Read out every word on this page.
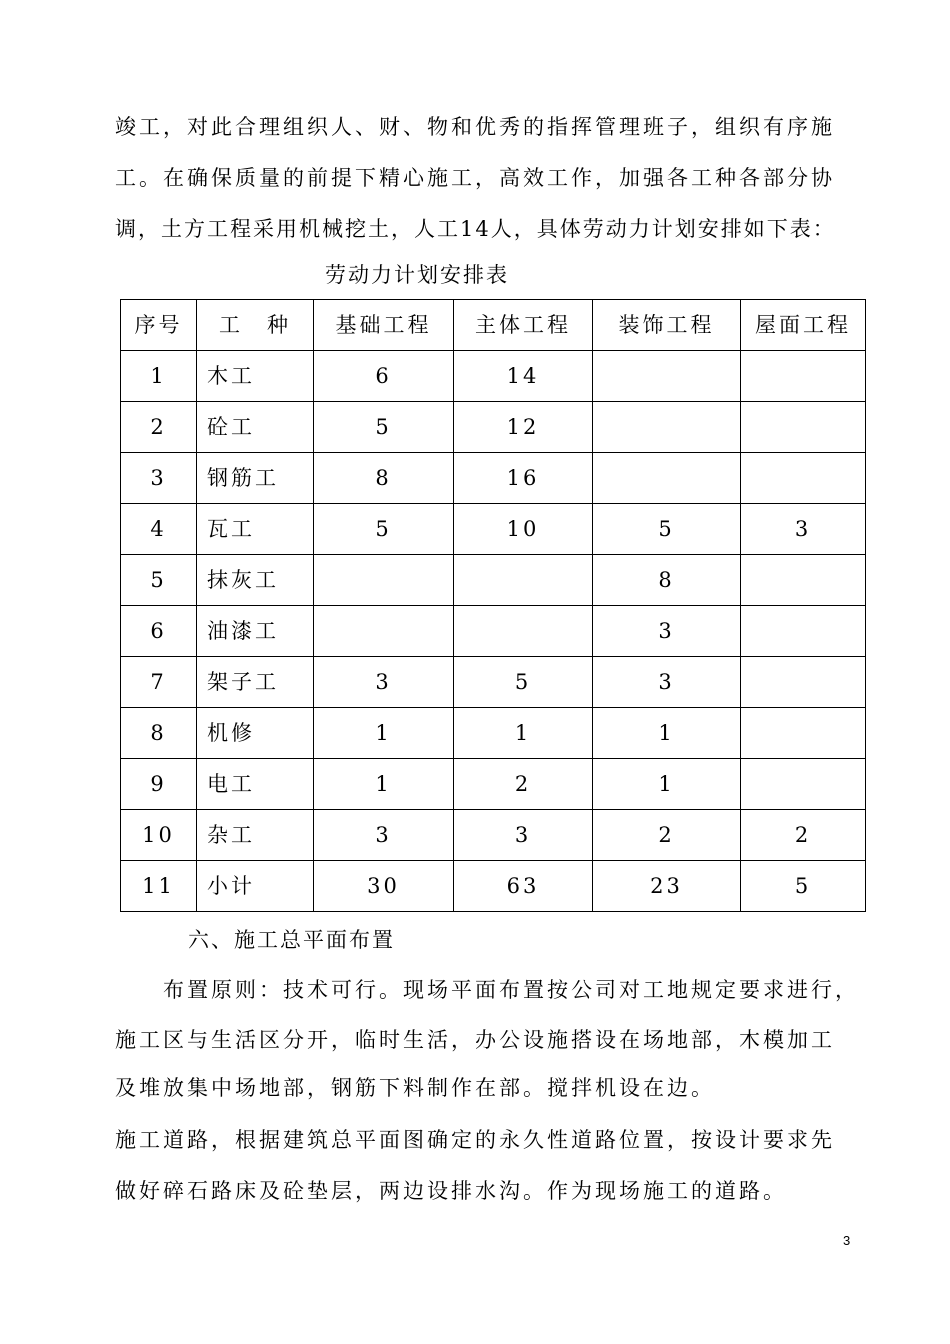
竣工，对此合理组织人、财、物和优秀的指挥管理班子，组织有序施
工。在确保质量的前提下精心施工，高效工作，加强各工种各部分协
调，土方工程采用机械挖土，人工14人，具体劳动力计划安排如下表：
劳动力计划安排表
序号	工　种	基础工程	主体工程	装饰工程	屋面工程
1	木工	6	14		
2	砼工	5	12		
3	钢筋工	8	16		
4	瓦工	5	10	5	3
5	抹灰工			8	
6	油漆工			3	
7	架子工	3	5	3	
8	机修	1	1	1	
9	电工	1	2	1	
10	杂工	3	3	2	2
11	小计	30	63	23	5
六、施工总平面布置
布置原则：技术可行。现场平面布置按公司对工地规定要求进行，
施工区与生活区分开，临时生活，办公设施搭设在场地部，木模加工
及堆放集中场地部，钢筋下料制作在部。搅拌机设在边。
施工道路，根据建筑总平面图确定的永久性道路位置，按设计要求先
做好碎石路床及砼垫层，两边设排水沟。作为现场施工的道路。
3
